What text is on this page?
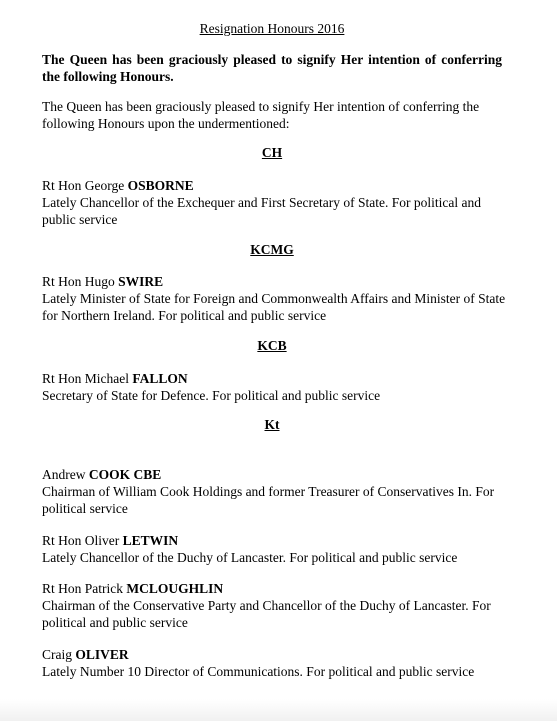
Resignation Honours 2016
The Queen has been graciously pleased to signify Her intention of conferring the following Honours.
The Queen has been graciously pleased to signify Her intention of conferring the following Honours upon the undermentioned:
CH
Rt Hon George OSBORNE
Lately Chancellor of the Exchequer and First Secretary of State. For political and public service
KCMG
Rt Hon Hugo SWIRE
Lately Minister of State for Foreign and Commonwealth Affairs and Minister of State for Northern Ireland. For political and public service
KCB
Rt Hon Michael FALLON
Secretary of State for Defence. For political and public service
Kt
Andrew COOK CBE
Chairman of William Cook Holdings and former Treasurer of Conservatives In. For political service
Rt Hon Oliver LETWIN
Lately Chancellor of the Duchy of Lancaster. For political and public service
Rt Hon Patrick MCLOUGHLIN
Chairman of the Conservative Party and Chancellor of the Duchy of Lancaster. For political and public service
Craig OLIVER
Lately Number 10 Director of Communications. For political and public service
